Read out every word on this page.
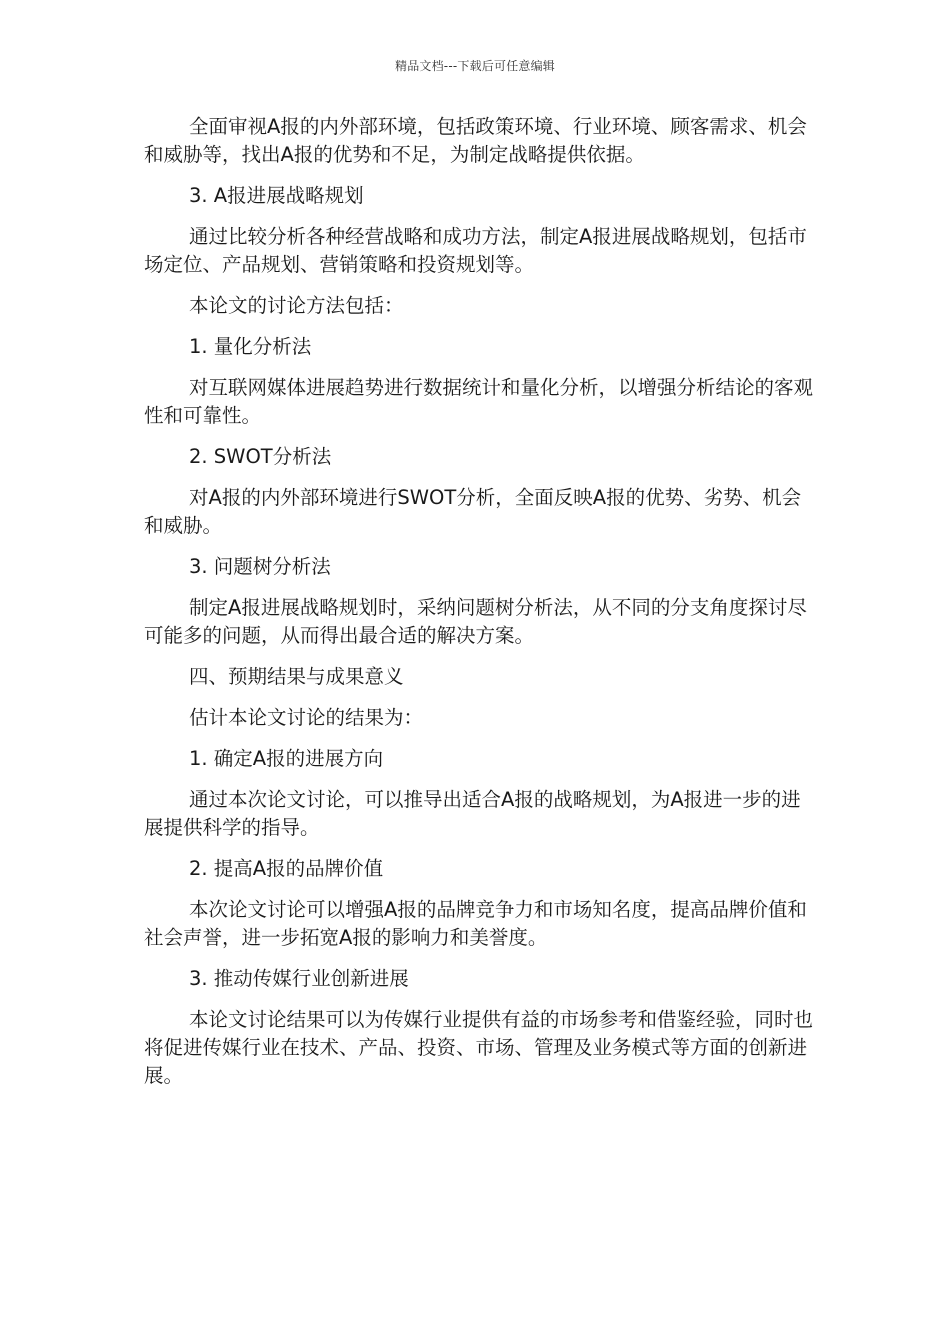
精品文档---下载后可任意编辑

全面审视A报的内外部环境，包括政策环境、行业环境、顾客需求、机会和威胁等，找出A报的优势和不足，为制定战略提供依据。

3. A报进展战略规划

通过比较分析各种经营战略和成功方法，制定A报进展战略规划，包括市场定位、产品规划、营销策略和投资规划等。

本论文的讨论方法包括：

1. 量化分析法

对互联网媒体进展趋势进行数据统计和量化分析，以增强分析结论的客观性和可靠性。

2. SWOT分析法

对A报的内外部环境进行SWOT分析，全面反映A报的优势、劣势、机会和威胁。

3. 问题树分析法

制定A报进展战略规划时，采纳问题树分析法，从不同的分支角度探讨尽可能多的问题，从而得出最合适的解决方案。

四、预期结果与成果意义

估计本论文讨论的结果为：

1. 确定A报的进展方向

通过本次论文讨论，可以推导出适合A报的战略规划，为A报进一步的进展提供科学的指导。

2. 提高A报的品牌价值

本次论文讨论可以增强A报的品牌竞争力和市场知名度，提高品牌价值和社会声誉，进一步拓宽A报的影响力和美誉度。

3. 推动传媒行业创新进展

本论文讨论结果可以为传媒行业提供有益的市场参考和借鉴经验，同时也将促进传媒行业在技术、产品、投资、市场、管理及业务模式等方面的创新进展。
